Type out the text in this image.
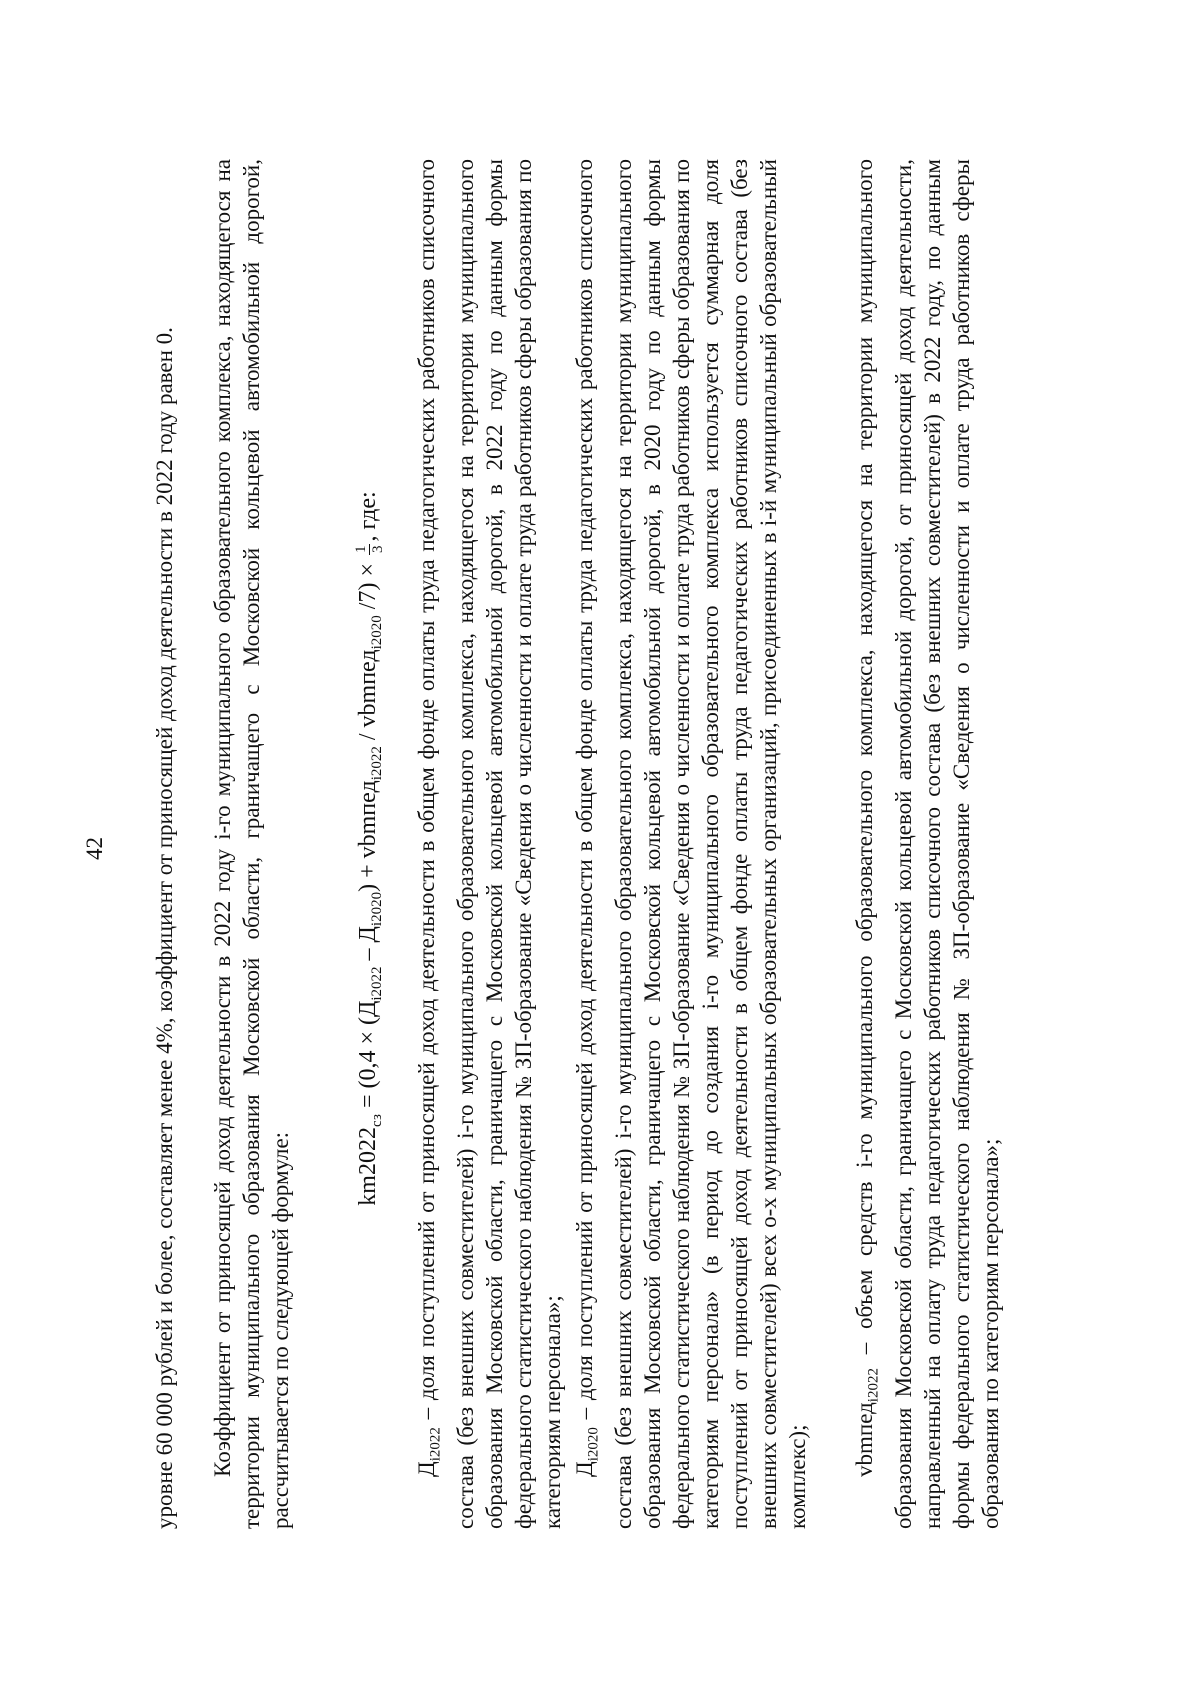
42 уровне 60 000 рублей и более, составляет менее 4%, коэффициент от приносящей доход деятельности в 2022 году равен 0. Коэффициент от приносящей доход деятельности в 2022 году i-го муниципального образовательного комплекса, находящегося на территории муниципального образования Московской области, граничащего с Московской кольцевой автомобильной дорогой, рассчитывается по следующей формуле:	$km2022_{сз} = (0,4 \times (Д_{i2022} - Д_{i2020})$ + vbmпед$_{i2022}$ / vbmпед$_{i2020}$ /7) ×
1 3
, где:

$Д_{i2022}$ – доля поступлений от приносящей доход деятельности в общем фонде оплаты труда педагогических работников списочного состава (без внешних совместителей) i-го муниципального образовательного комплекса, находящегося на территории муниципального образования Московской области, граничащего с Московской кольцевой автомобильной дорогой, в 2022 году по данным формы федерального статистического наблюдения № ЗП-образование «Сведения о численности и оплате труда работников сферы образования по категориям персонала»; $Д_{i2020}$ – доля поступлений от приносящей доход деятельности в общем фонде оплаты труда педагогических работников списочного состава (без внешних совместителей) i-го муниципального образовательного комплекса, находящегося на территории муниципального образования Московской области, граничащего с Московской кольцевой автомобильной дорогой, в 2020 году по данным формы федерального статистического наблюдения № ЗП-образование «Сведения о численности и оплате труда работников сферы образования по категориям персонала» (в период до создания i-го муниципального образовательного комплекса используется суммарная доля поступлений от приносящей доход деятельности в общем фонде оплаты труда педагогических работников списочного состава (без внешних совместителей) всех o-х муниципальных образовательных организаций, присоединенных в i-й муниципальный образовательный комплекс); vbmпед$_{i2022}$ – объем средств i-го муниципального образовательного комплекса, находящегося на территории муниципального образования Московской области, граничащего с Московской кольцевой автомобильной дорогой, от приносящей доход деятельности, направленный на оплату труда педагогических работников списочного состава (без внешних совместителей) в 2022 году, по данным формы федерального статистического наблюдения № ЗП-образование «Сведения о численности и оплате труда работников сферы образования по категориям персонала»;
